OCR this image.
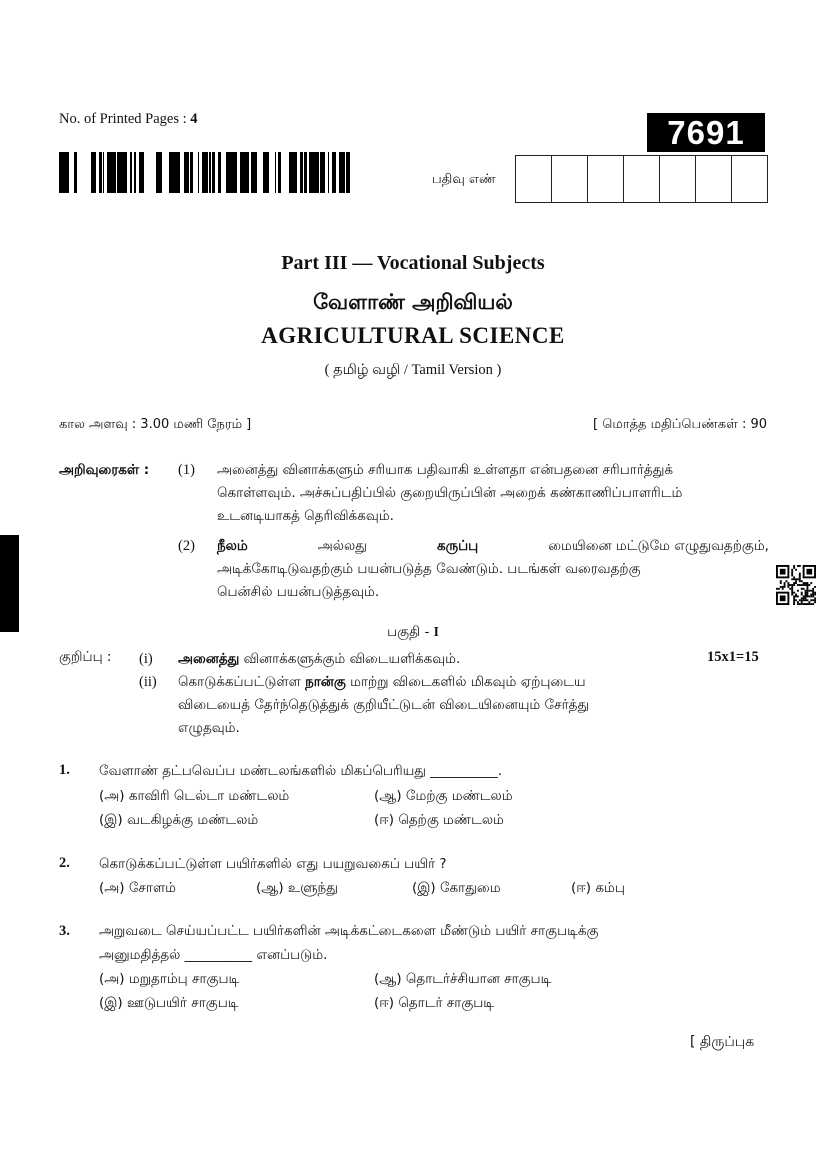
No. of Printed Pages : 4	7691
பதிவு எண்
Part III — Vocational Subjects
வேளாண் அறிவியல்
AGRICULTURAL SCIENCE
( தமிழ் வழி / Tamil Version )
கால அளவு : 3.00 மணி நேரம் ]	[ மொத்த மதிப்பெண்கள் : 90
அறிவுரைகள் : (1) அனைத்து வினாக்களும் சரியாக பதிவாகி உள்ளதா என்பதனை சரிபார்த்துக்
கொள்ளவும். அச்சுப்பதிப்பில் குறையிருப்பின் அறைக் கண்காணிப்பாளரிடம்
உடனடியாகத் தெரிவிக்கவும்.
(2) நீலம்	அல்லது	கருப்பு	மையினை மட்டுமே எழுதுவதற்கும்,
அடிக்கோடிடுவதற்கும் பயன்படுத்த வேண்டும். படங்கள் வரைவதற்கு
பென்சில் பயன்படுத்தவும்.
பகுதி - I
குறிப்பு :	15x1=15
(i) அனைத்து வினாக்களுக்கும் விடையளிக்கவும்.
(ii) கொடுக்கப்பட்டுள்ள நான்கு மாற்று விடைகளில் மிகவும் ஏற்புடைய
விடையைத் தேர்ந்தெடுத்துக் குறியீட்டுடன் விடையினையும் சேர்த்து
எழுதவும்.
1. வேளாண் தட்பவெப்ப மண்டலங்களில் மிகப்பெரியது __________.
(அ) காவிரி டெல்டா மண்டலம்	(ஆ) மேற்கு மண்டலம்
(இ) வடகிழக்கு மண்டலம்	(ஈ) தெற்கு மண்டலம்
2. கொடுக்கப்பட்டுள்ள பயிர்களில் எது பயறுவகைப் பயிர் ?
(அ) சோளம்	(ஆ) உளுந்து	(இ) கோதுமை	(ஈ) கம்பு
3. அறுவடை செய்யப்பட்ட பயிர்களின் அடிக்கட்டைகளை மீண்டும் பயிர் சாகுபடிக்கு
அனுமதித்தல் __________ எனப்படும்.
(அ) மறுதாம்பு சாகுபடி	(ஆ) தொடர்ச்சியான சாகுபடி
(இ) ஊடுபயிர் சாகுபடி	(ஈ) தொடர் சாகுபடி
[ திருப்புக
